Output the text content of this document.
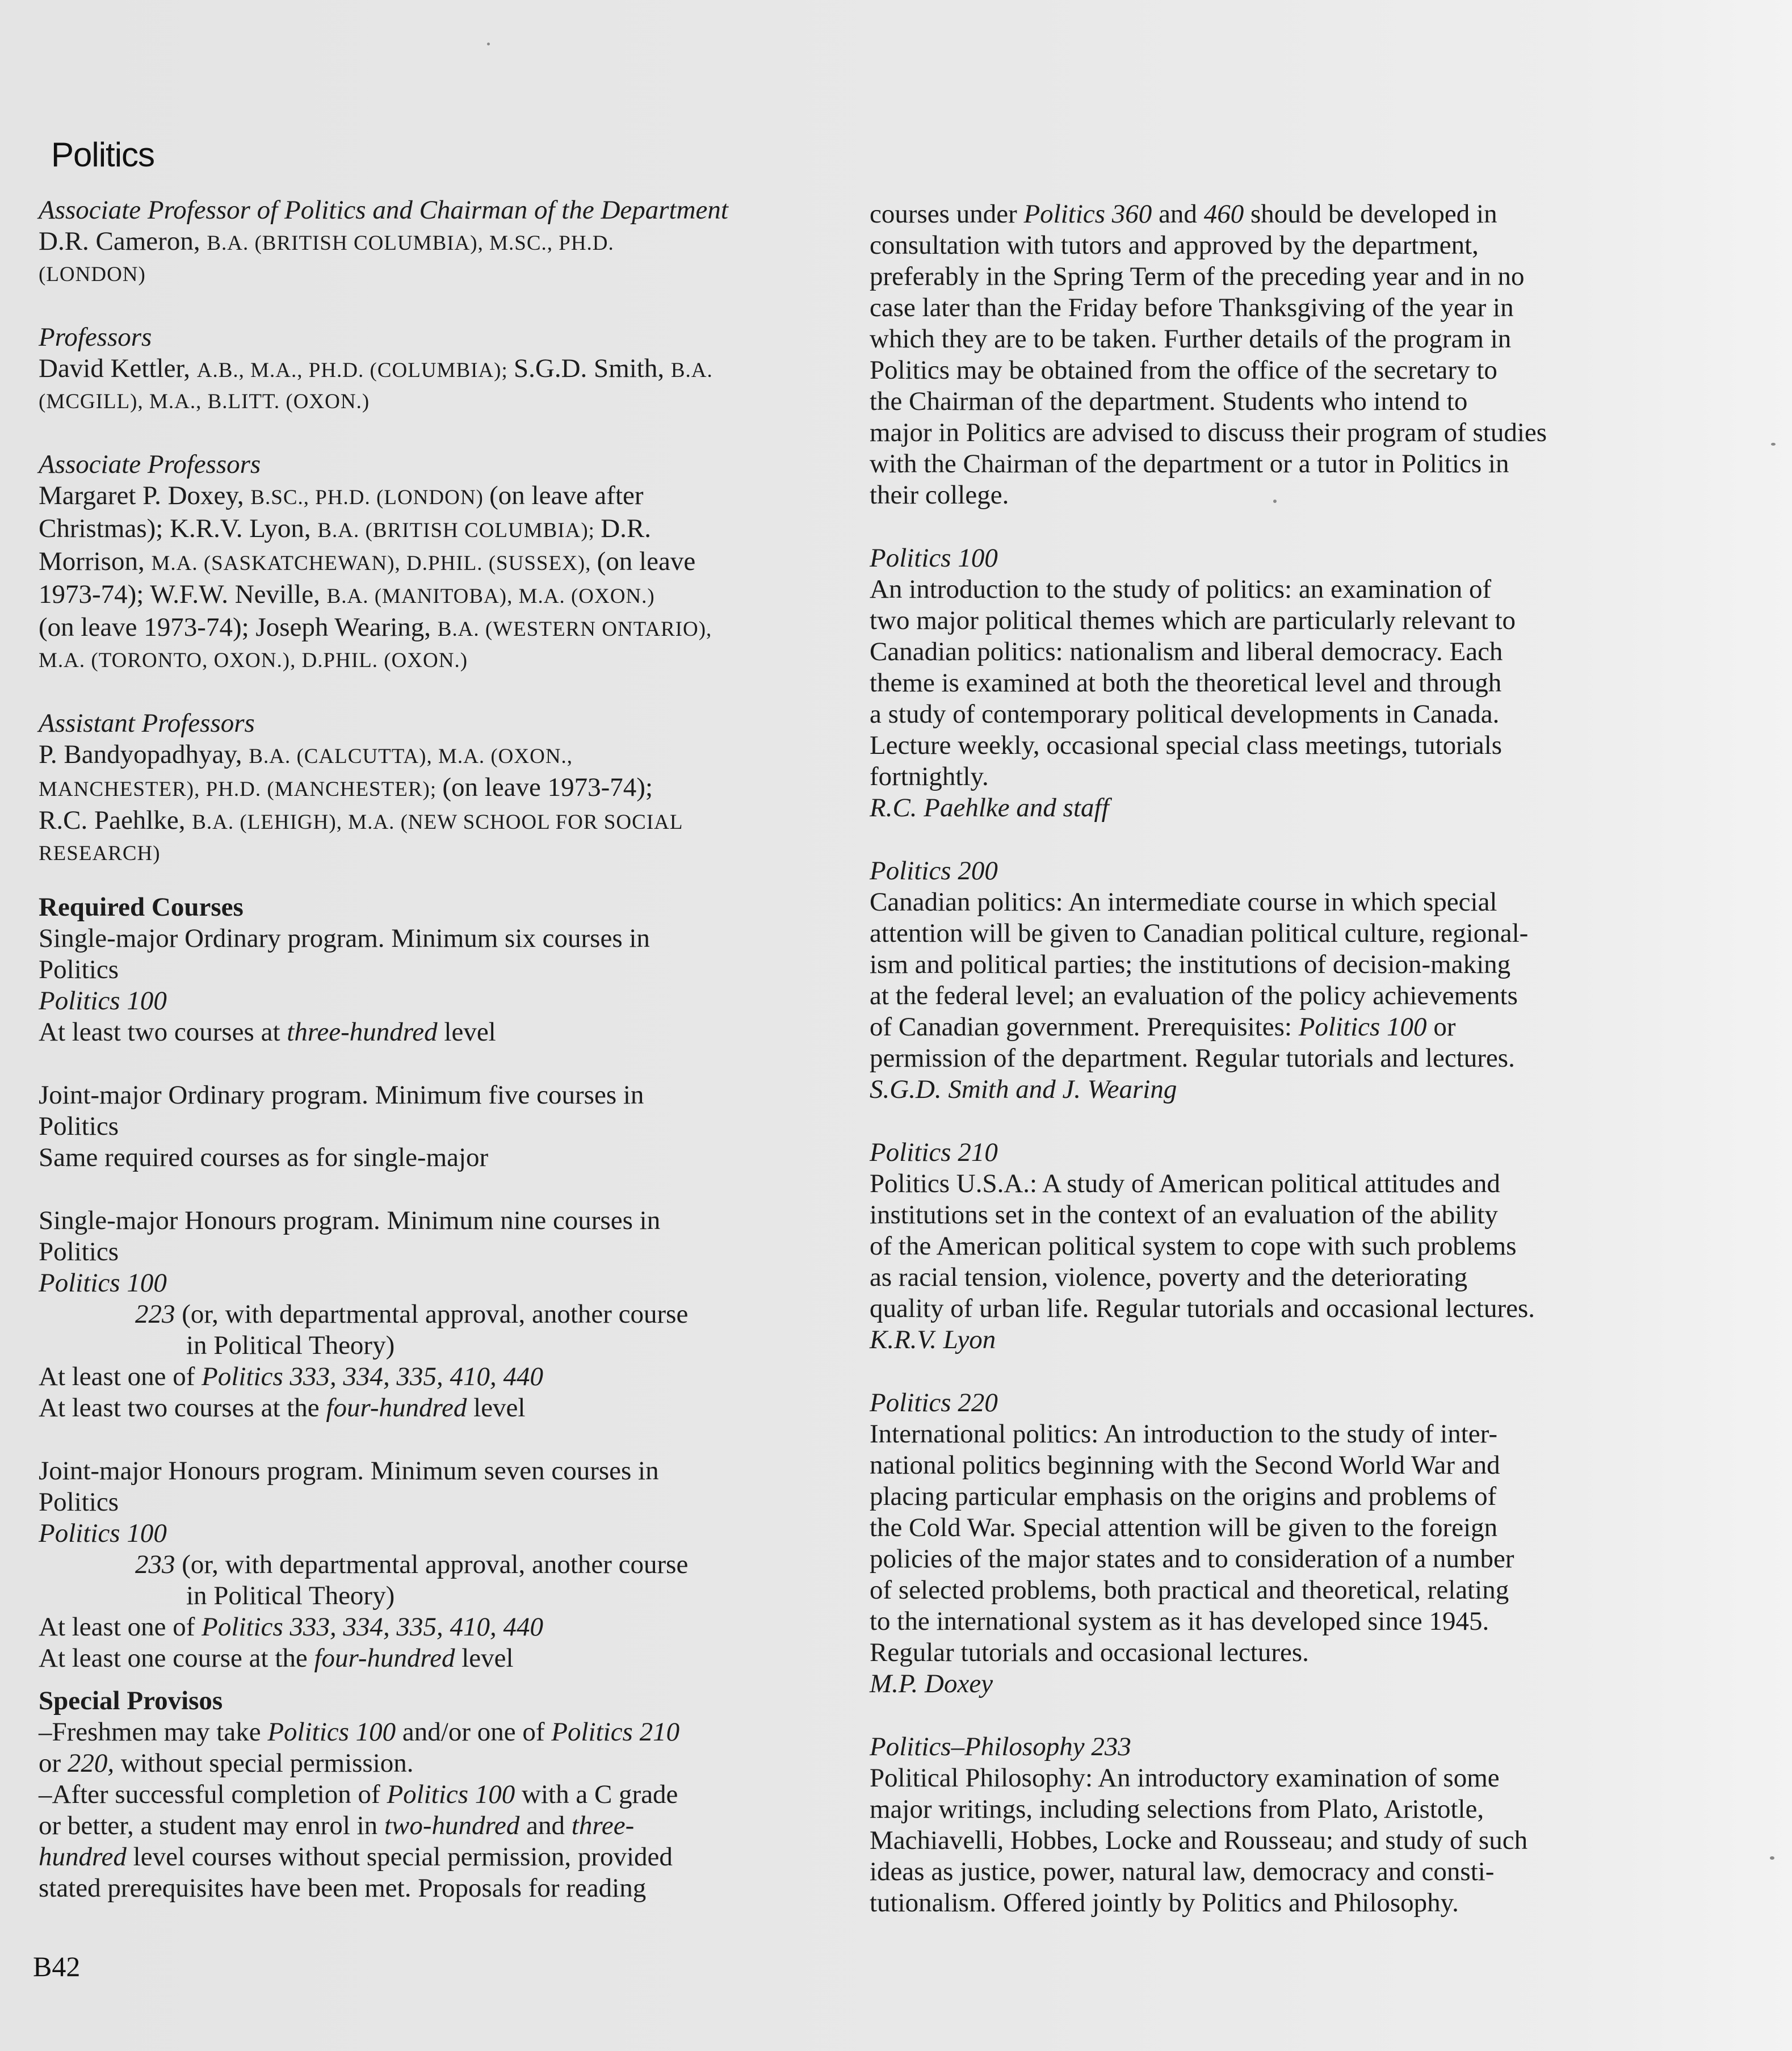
Politics
Associate Professor of Politics and Chairman of the Department
D.R. Cameron, B.A. (BRITISH COLUMBIA), M.SC., PH.D.
(LONDON)
Professors
David Kettler, A.B., M.A., PH.D. (COLUMBIA); S.G.D. Smith, B.A.
(MCGILL), M.A., B.LITT. (OXON.)
Associate Professors
Margaret P. Doxey, B.SC., PH.D. (LONDON) (on leave after
Christmas); K.R.V. Lyon, B.A. (BRITISH COLUMBIA); D.R.
Morrison, M.A. (SASKATCHEWAN), D.PHIL. (SUSSEX), (on leave
1973-74); W.F.W. Neville, B.A. (MANITOBA), M.A. (OXON.)
(on leave 1973-74); Joseph Wearing, B.A. (WESTERN ONTARIO),
M.A. (TORONTO, OXON.), D.PHIL. (OXON.)
Assistant Professors
P. Bandyopadhyay, B.A. (CALCUTTA), M.A. (OXON.,
MANCHESTER), PH.D. (MANCHESTER); (on leave 1973-74);
R.C. Paehlke, B.A. (LEHIGH), M.A. (NEW SCHOOL FOR SOCIAL
RESEARCH)
Required Courses
Single-major Ordinary program. Minimum six courses in
Politics
Politics 100
At least two courses at three-hundred level
Joint-major Ordinary program. Minimum five courses in
Politics
Same required courses as for single-major
Single-major Honours program. Minimum nine courses in
Politics
Politics 100
223 (or, with departmental approval, another course
in Political Theory)
At least one of Politics 333, 334, 335, 410, 440
At least two courses at the four-hundred level
Joint-major Honours program. Minimum seven courses in
Politics
Politics 100
233 (or, with departmental approval, another course
in Political Theory)
At least one of Politics 333, 334, 335, 410, 440
At least one course at the four-hundred level
Special Provisos
–Freshmen may take Politics 100 and/or one of Politics 210
or 220, without special permission.
–After successful completion of Politics 100 with a C grade
or better, a student may enrol in two-hundred and three-
hundred level courses without special permission, provided
stated prerequisites have been met. Proposals for reading
courses under Politics 360 and 460 should be developed in
consultation with tutors and approved by the department,
preferably in the Spring Term of the preceding year and in no
case later than the Friday before Thanksgiving of the year in
which they are to be taken. Further details of the program in
Politics may be obtained from the office of the secretary to
the Chairman of the department. Students who intend to
major in Politics are advised to discuss their program of studies
with the Chairman of the department or a tutor in Politics in
their college.
Politics 100
An introduction to the study of politics: an examination of
two major political themes which are particularly relevant to
Canadian politics: nationalism and liberal democracy. Each
theme is examined at both the theoretical level and through
a study of contemporary political developments in Canada.
Lecture weekly, occasional special class meetings, tutorials
fortnightly.
R.C. Paehlke and staff
Politics 200
Canadian politics: An intermediate course in which special
attention will be given to Canadian political culture, regional-
ism and political parties; the institutions of decision-making
at the federal level; an evaluation of the policy achievements
of Canadian government. Prerequisites: Politics 100 or
permission of the department. Regular tutorials and lectures.
S.G.D. Smith and J. Wearing
Politics 210
Politics U.S.A.: A study of American political attitudes and
institutions set in the context of an evaluation of the ability
of the American political system to cope with such problems
as racial tension, violence, poverty and the deteriorating
quality of urban life. Regular tutorials and occasional lectures.
K.R.V. Lyon
Politics 220
International politics: An introduction to the study of inter-
national politics beginning with the Second World War and
placing particular emphasis on the origins and problems of
the Cold War. Special attention will be given to the foreign
policies of the major states and to consideration of a number
of selected problems, both practical and theoretical, relating
to the international system as it has developed since 1945.
Regular tutorials and occasional lectures.
M.P. Doxey
Politics–Philosophy 233
Political Philosophy: An introductory examination of some
major writings, including selections from Plato, Aristotle,
Machiavelli, Hobbes, Locke and Rousseau; and study of such
ideas as justice, power, natural law, democracy and consti-
tutionalism. Offered jointly by Politics and Philosophy.
B42
